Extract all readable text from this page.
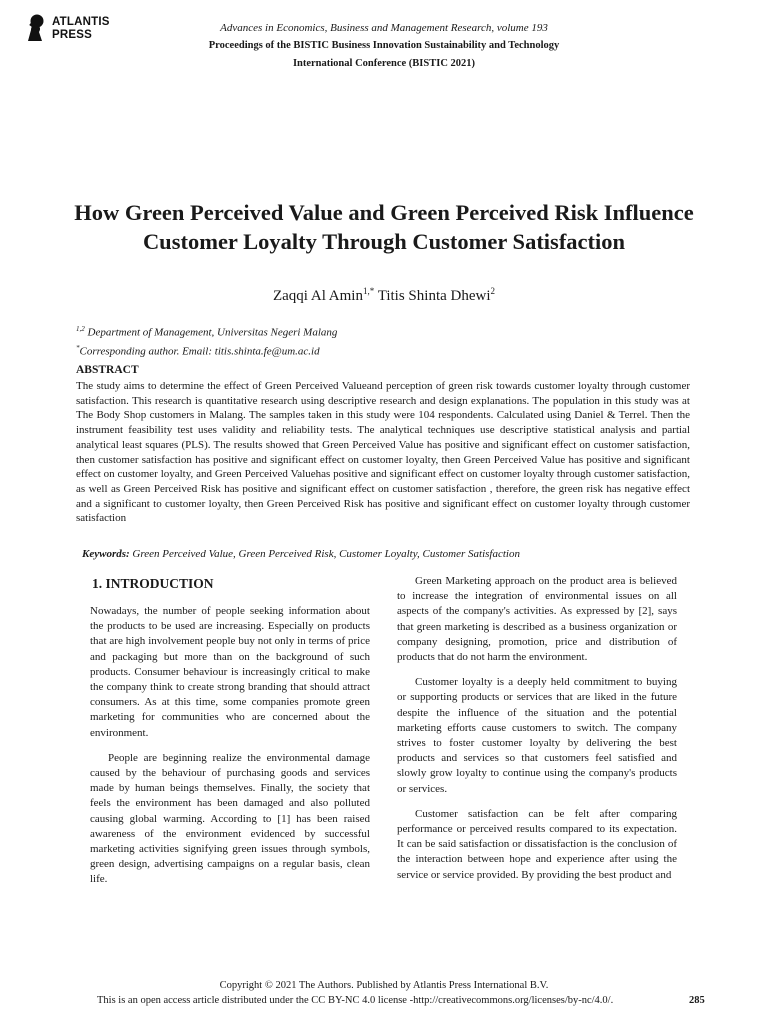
ATLANTIS
PRESS
Advances in Economics, Business and Management Research, volume 193
Proceedings of the BISTIC Business Innovation Sustainability and Technology
International Conference (BISTIC 2021)
How Green Perceived Value and Green Perceived Risk Influence Customer Loyalty Through Customer Satisfaction
Zaqqi Al Amin$^{1,*}$ Titis Shinta Dhewi$^2$
$^{1,2}$ Department of Management, Universitas Negeri Malang
*Corresponding author. Email: titis.shinta.fe@um.ac.id
ABSTRACT

The study aims to determine the effect of Green Perceived Valueand perception of green risk towards customer loyalty through customer satisfaction. This research is quantitative research using descriptive research and design explanations. The population in this study was at The Body Shop customers in Malang. The samples taken in this study were 104 respondents. Calculated using Daniel & Terrel. Then the instrument feasibility test uses validity and reliability tests. The analytical techniques use descriptive statistical analysis and partial analytical least squares (PLS). The results showed that Green Perceived Value has positive and significant effect on customer satisfaction, then customer satisfaction has positive and significant effect on customer loyalty, then Green Perceived Value has positive and significant effect on customer loyalty, and Green Perceived Valuehas positive and significant effect on customer loyalty through customer satisfaction, as well as Green Perceived Risk has positive and significant effect on customer satisfaction , therefore, the green risk has negative effect and a significant to customer loyalty, then Green Perceived Risk has positive and significant effect on customer loyalty through customer satisfaction

Keywords: Green Perceived Value, Green Perceived Risk, Customer Loyalty, Customer Satisfaction
1. INTRODUCTION

Nowadays, the number of people seeking information about the products to be used are increasing. Especially on products that are high involvement people buy not only in terms of price and packaging but more than on the background of such products. Consumer behaviour is increasingly critical to make the company think to create strong branding that should attract consumers. As at this time, some companies promote green marketing for communities who are concerned about the environment.

People are beginning realize the environmental damage caused by the behaviour of purchasing goods and services made by human beings themselves. Finally, the society that feels the environment has been damaged and also polluted causing global warming. According to [1] has been raised awareness of the environment evidenced by successful marketing activities signifying green issues through symbols, green design, advertising campaigns on a regular basis, clean life.

Green Marketing approach on the product area is believed to increase the integration of environmental issues on all aspects of the company's activities. As expressed by [2], says that green marketing is described as a business organization or company designing, promotion, price and distribution of products that do not harm the environment.

Customer loyalty is a deeply held commitment to buying or supporting products or services that are liked in the future despite the influence of the situation and the potential marketing efforts cause customers to switch. The company strives to foster customer loyalty by delivering the best products and services so that customers feel satisfied and slowly grow loyalty to continue using the company's products or services.

Customer satisfaction can be felt after comparing performance or perceived results compared to its expectation. It can be said satisfaction or dissatisfaction is the conclusion of the interaction between hope and experience after using the service or service provided. By providing the best product and

Copyright © 2021 The Authors. Published by Atlantis Press International B.V.
This is an open access article distributed under the CC BY-NC 4.0 license -http://creativecommons.org/licenses/by-nc/4.0/.	285
